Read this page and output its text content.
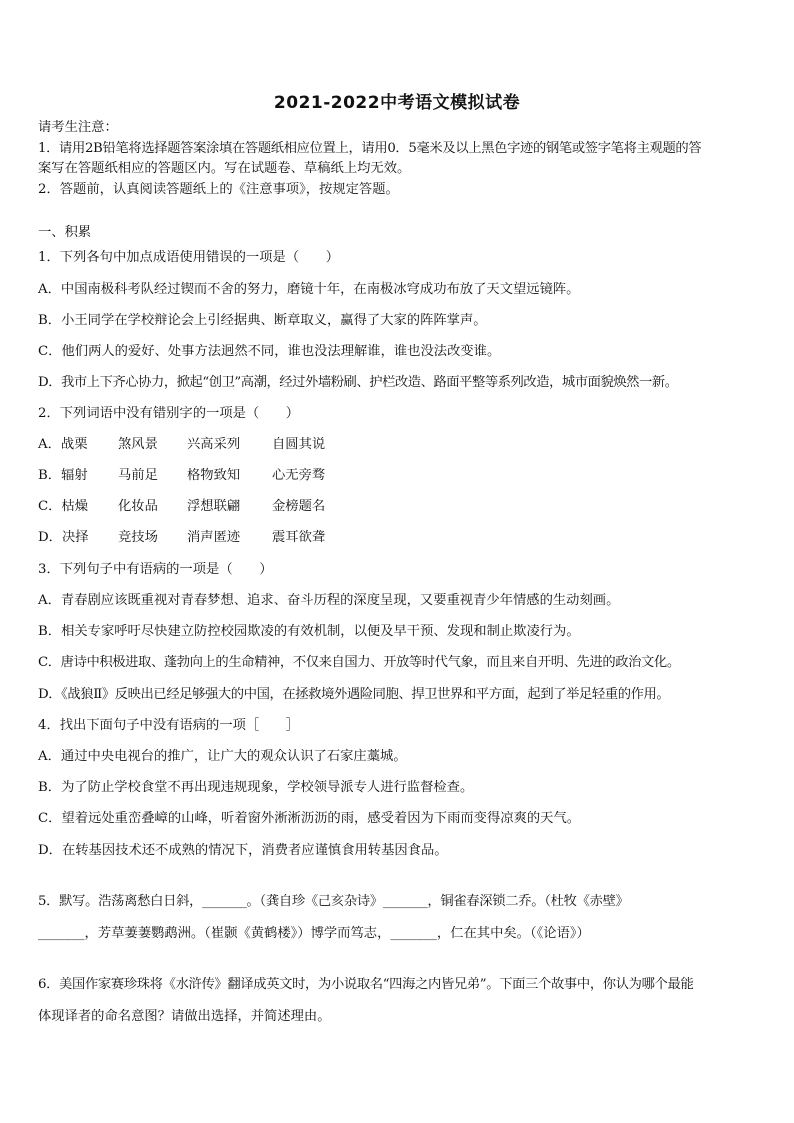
2021-2022中考语文模拟试卷
请考生注意：
1．请用2B铅笔将选择题答案涂填在答题纸相应位置上，请用0．5毫米及以上黑色字迹的钢笔或签字笔将主观题的答
案写在答题纸相应的答题区内。写在试题卷、草稿纸上均无效。
2．答题前，认真阅读答题纸上的《注意事项》，按规定答题。
一、积累
1．下列各句中加点成语使用错误的一项是（　　）
A．中国南极科考队经过锲而不舍的努力，磨镜十年，在南极冰穹成功布放了天文望远镜阵。
B．小王同学在学校辩论会上引经据典、断章取义，赢得了大家的阵阵掌声。
C．他们两人的爱好、处事方法迥然不同，谁也没法理解谁，谁也没法改变谁。
D．我市上下齐心协力，掀起“创卫”高潮，经过外墙粉刷、护栏改造、路面平整等系列改造，城市面貌焕然一新。
2．下列词语中没有错别字的一项是（　　）
A．战栗 煞风景 兴高采列 自圆其说
B．辐射 马前足 格物致知 心无旁骛
C．枯燥 化妆品 浮想联翩 金榜题名
D．决择 竞技场 消声匿迹 震耳欲聋
3．下列句子中有语病的一项是（　　）
A．青春剧应该既重视对青春梦想、追求、奋斗历程的深度呈现，又要重视青少年情感的生动刻画。
B．相关专家呼吁尽快建立防控校园欺凌的有效机制，以便及早干预、发现和制止欺凌行为。
C．唐诗中积极进取、蓬勃向上的生命精神，不仅来自国力、开放等时代气象，而且来自开明、先进的政治文化。
D．《战狼Ⅱ》反映出已经足够强大的中国，在拯救境外遇险同胞、捍卫世界和平方面，起到了举足轻重的作用。
4．找出下面句子中没有语病的一项［　　］
A．通过中央电视台的推广，让广大的观众认识了石家庄藁城。
B．为了防止学校食堂不再出现违规现象，学校领导派专人进行监督检查。
C．望着远处重峦叠嶂的山峰，听着窗外淅淅沥沥的雨，感受着因为下雨而变得凉爽的天气。
D．在转基因技术还不成熟的情况下，消费者应谨慎食用转基因食品。
5．默写。浩荡离愁白日斜，_______。（龚自珍《己亥杂诗》_______，铜雀春深锁二乔。（杜牧《赤壁》
_______，芳草萋萋鹦鹉洲。（崔颢《黄鹤楼》）博学而笃志，_______，仁在其中矣。（《论语》）
6．美国作家赛珍珠将《水浒传》翻译成英文时，为小说取名“四海之内皆兄弟”。下面三个故事中，你认为哪个最能
体现译者的命名意图？请做出选择，并简述理由。
